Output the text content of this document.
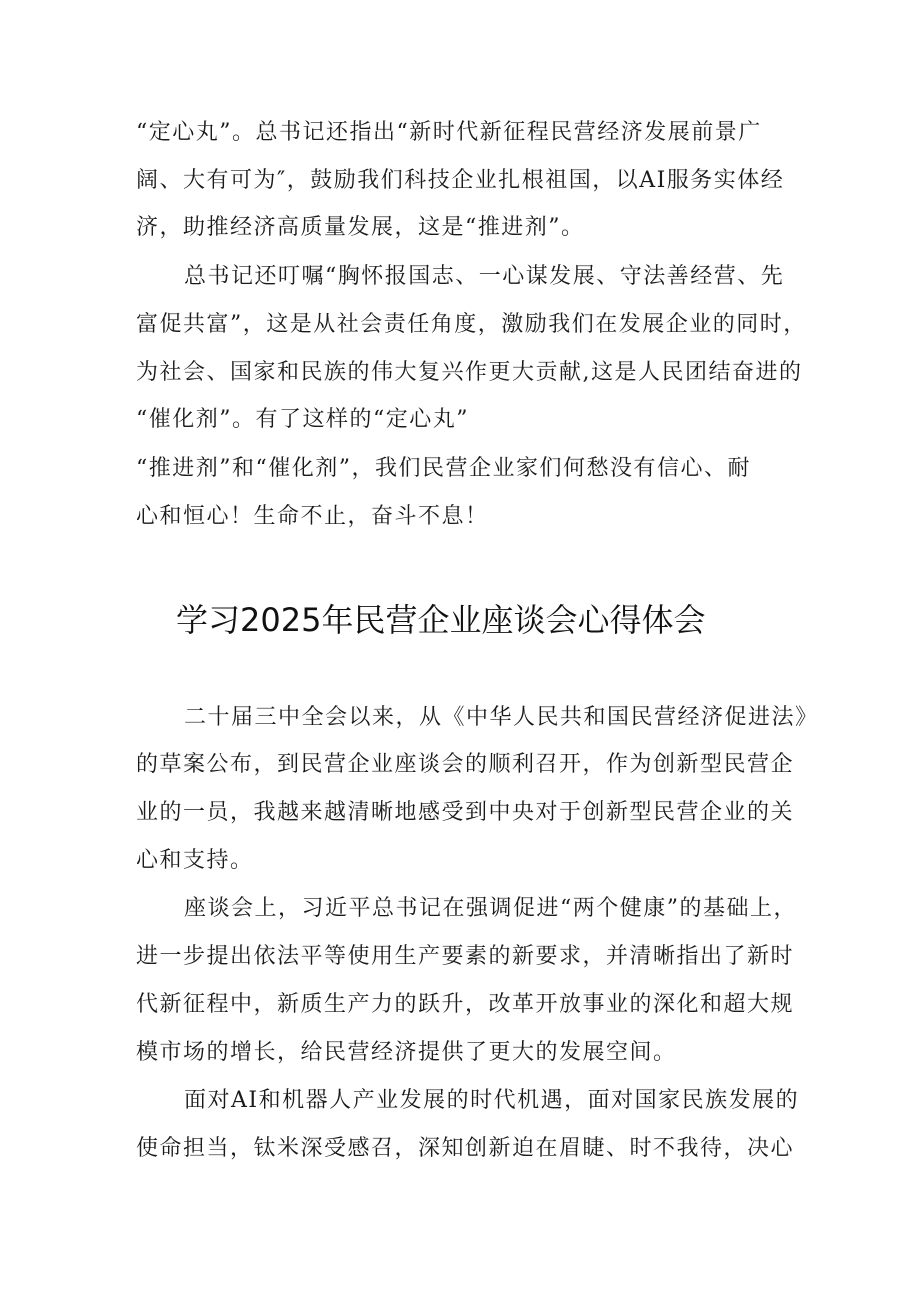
“定心丸”。总书记还指出“新时代新征程民营经济发展前景广
阔、大有可为″，鼓励我们科技企业扎根祖国，以AI服务实体经
济，助推经济高质量发展，这是“推进剂”。
总书记还叮嘱“胸怀报国志、一心谋发展、守法善经营、先
富促共富”，这是从社会责任角度，激励我们在发展企业的同时，
为社会、国家和民族的伟大复兴作更大贡献,这是人民团结奋进的
“催化剂”。有了这样的“定心丸”
“推进剂”和“催化剂”，我们民营企业家们何愁没有信心、耐
心和恒心！生命不止，奋斗不息！
学习2025年民营企业座谈会心得体会
二十届三中全会以来，从《中华人民共和国民营经济促进法》
的草案公布，到民营企业座谈会的顺利召开，作为创新型民营企
业的一员，我越来越清晰地感受到中央对于创新型民营企业的关
心和支持。
座谈会上，习近平总书记在强调促进“两个健康”的基础上，
进一步提出依法平等使用生产要素的新要求，并清晰指出了新时
代新征程中，新质生产力的跃升，改革开放事业的深化和超大规
模市场的增长，给民营经济提供了更大的发展空间。
面对AI和机器人产业发展的时代机遇，面对国家民族发展的
使命担当，钛米深受感召，深知创新迫在眉睫、时不我待，决心
